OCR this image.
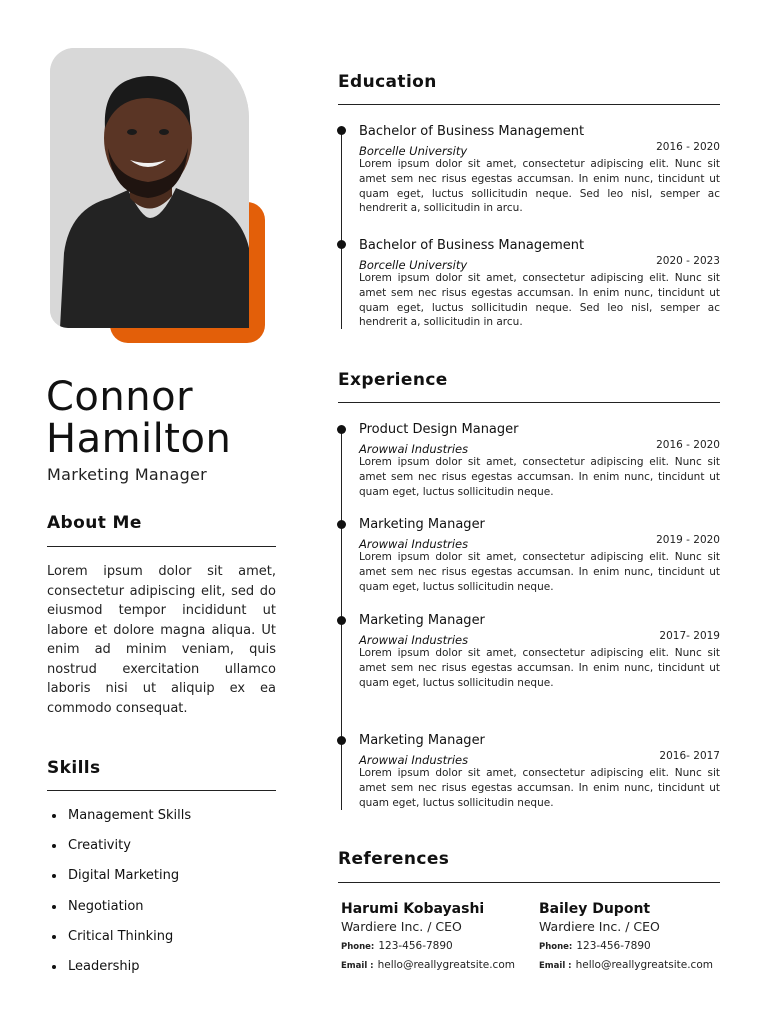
Connor
Hamilton
Marketing Manager
About Me

Lorem ipsum dolor sit amet, consectetur adipiscing elit, sed do eiusmod tempor incididunt ut labore et dolore magna aliqua. Ut enim ad minim veniam, quis nostrud exercitation ullamco laboris nisi ut aliquip ex ea commodo consequat.

Skills
Management Skills
Creativity
Digital Marketing
Negotiation
Critical Thinking
Leadership
Education
Bachelor of Business Management
Borcelle University	2016 - 2020

Lorem ipsum dolor sit amet, consectetur adipiscing elit. Nunc sit amet sem nec risus egestas accumsan. In enim nunc, tincidunt ut quam eget, luctus sollicitudin neque. Sed leo nisl, semper ac hendrerit a, sollicitudin in arcu.

Bachelor of Business Management
Borcelle University	2020 - 2023

Lorem ipsum dolor sit amet, consectetur adipiscing elit. Nunc sit amet sem nec risus egestas accumsan. In enim nunc, tincidunt ut quam eget, luctus sollicitudin neque. Sed leo nisl, semper ac hendrerit a, sollicitudin in arcu.

Experience
Product Design Manager
Arowwai Industries	2016 - 2020

Lorem ipsum dolor sit amet, consectetur adipiscing elit. Nunc sit amet sem nec risus egestas accumsan. In enim nunc, tincidunt ut quam eget, luctus sollicitudin neque.

Marketing Manager
Arowwai Industries	2019 - 2020

Lorem ipsum dolor sit amet, consectetur adipiscing elit. Nunc sit amet sem nec risus egestas accumsan. In enim nunc, tincidunt ut quam eget, luctus sollicitudin neque.

Marketing Manager
Arowwai Industries	2017- 2019

Lorem ipsum dolor sit amet, consectetur adipiscing elit. Nunc sit amet sem nec risus egestas accumsan. In enim nunc, tincidunt ut quam eget, luctus sollicitudin neque.

Marketing Manager
Arowwai Industries	2016- 2017

Lorem ipsum dolor sit amet, consectetur adipiscing elit. Nunc sit amet sem nec risus egestas accumsan. In enim nunc, tincidunt ut quam eget, luctus sollicitudin neque.

References
Harumi Kobayashi
Wardiere Inc. / CEO
Phone: 123-456-7890
Email : hello@reallygreatsite.com
Bailey Dupont
Wardiere Inc. / CEO
Phone: 123-456-7890
Email : hello@reallygreatsite.com
